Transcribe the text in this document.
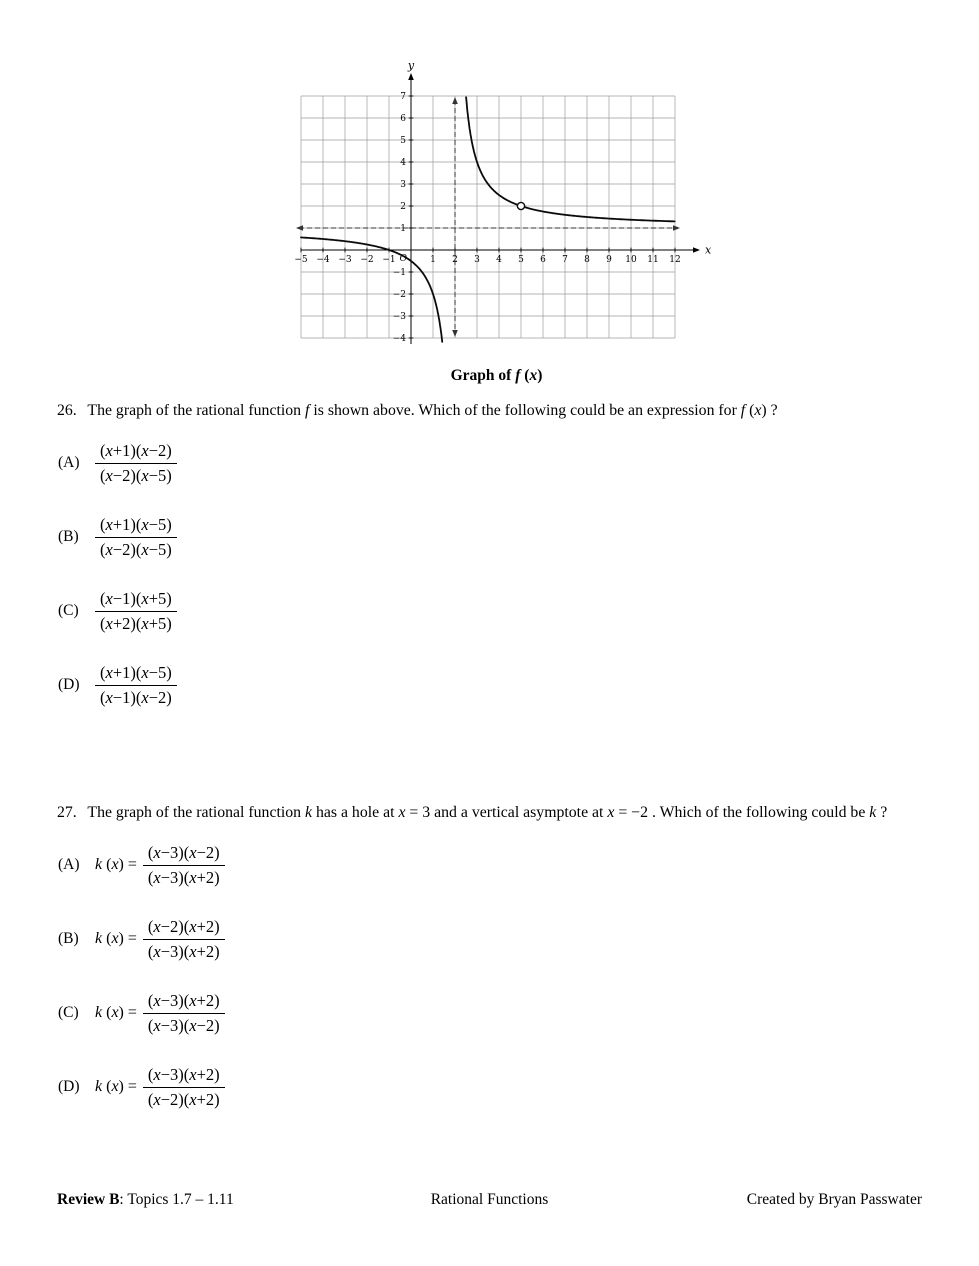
−5 −4 −3 −2 −1	1 2 3 4 5 6 7 8 9 10 11 12
−4
−3
−2
−1
1
2
3
4
5
6
7
O
x
y
Graph of f (x)

26. The graph of the rational function f is shown above. Which of the following could be an expression for f (x) ?

$(A) \frac{(x+1)(x-2)}{(x-2)(x-5)}$
$(B) \frac{(x+1)(x-5)}{(x-2)(x-5)}$
$(C) \frac{(x-1)(x+5)}{(x+2)(x+5)}$
$(D) \frac{(x+1)(x-5)}{(x-1)(x-2)}$

27. The graph of the rational function k has a hole at x = 3 and a vertical asymptote at x = −2 . Which of the following could be k ?

(A) k $(x) = \frac{(x-3)(x-2)}{(x-3)(x+2)}$
(B)	k $(x) = \frac{(x-2)(x+2)}{(x-3)(x+2)}$
(C)	k $(x) = \frac{(x-3)(x+2)}{(x-3)(x-2)}$
(D) k $(x) = \frac{(x-3)(x+2)}{(x-2)(x+2)}$
Review B: Topics 1.7 – 1.11	Rational Functions	Created by Bryan Passwater
